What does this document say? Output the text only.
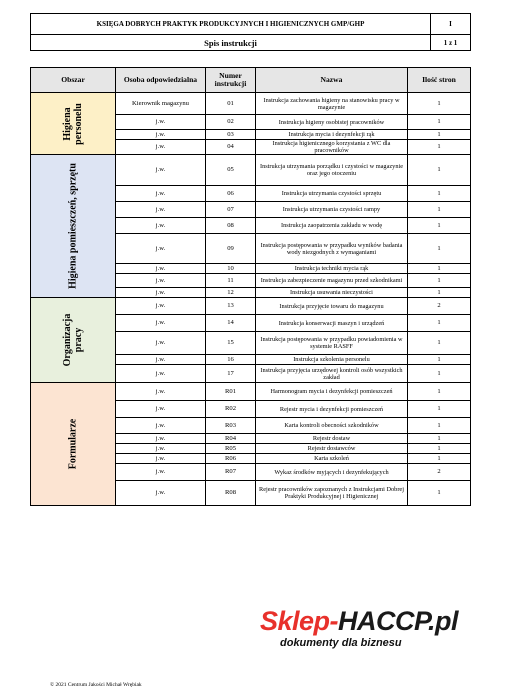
KSIĘGA DOBRYCH PRAKTYK PRODUKCYJNYCH I HIGIENICZNYCH GMP/GHP	I
Spis instrukcji	1 z 1
Obszar	Osoba odpowiedzialna	Numer instrukcji	Nazwa	Ilość stron

Higiena personelu	Kierownik magazynu	01	Instrukcja zachowania higieny na stanowisku pracy w magazynie	1
	j.w.	02	Instrukcja higieny osobistej pracowników	1
	j.w.	03	Instrukcja mycia i dezynfekcji rąk	1
	j.w.	04	Instrukcja higienicznego korzystania z WC dla pracowników	1

Higiena pomieszczeń, sprzętu	j.w.	05	Instrukcja utrzymania porządku i czystości w magazynie oraz jego otoczeniu	1
	j.w.	06	Instrukcja utrzymania czystości sprzętu	1
	j.w.	07	Instrukcja utrzymania czystości rampy	1
	j.w.	08	Instrukcja zaopatrzenia zakładu w wodę	1
	j.w.	09	Instrukcja postępowania w przypadku wyników badania wody niezgodnych z wymaganiami	1
	j.w.	10	Instrukcja techniki mycia rąk	1
	j.w.	11	Instrukcja zabezpieczenie magazynu przed szkodnikami	1
	j.w.	12	Instrukcja usuwania nieczystości	1

Organizacja pracy	j.w.	13	Instrukcja przyjęcie towaru do magazynu	2
	j.w.	14	Instrukcja konserwacji maszyn i urządzeń	1
	j.w.	15	Instrukcja postępowania w przypadku powiadomienia w systemie RASFF	1
	j.w.	16	Instrukcja szkolenia personelu	1
	j.w.	17	Instrukcja przyjęcia urzędowej kontroli osób wszystkich zakład	1

Formularze	j.w.	R01	Harmonogram mycia i dezynfekcji pomieszczeń	1
	j.w.	R02	Rejestr mycia i dezynfekcji pomieszczeń	1
	j.w.	R03	Karta kontroli obecności szkodników	1
	j.w.	R04	Rejestr dostaw	1
	j.w.	R05	Rejestr dostawców	1
	j.w.	R06	Karta szkoleń	1
	j.w.	R07	Wykaz środków myjących i dezynfekujących	2
	j.w.	R08	Rejestr pracowników zapoznanych z Instrukcjami Dobrej Praktyki Produkcyjnej i Higienicznej	1
Sklep-HACCP.pl
dokumenty dla biznesu
© 2021 Centrum Jakości Michał Wrębiak
